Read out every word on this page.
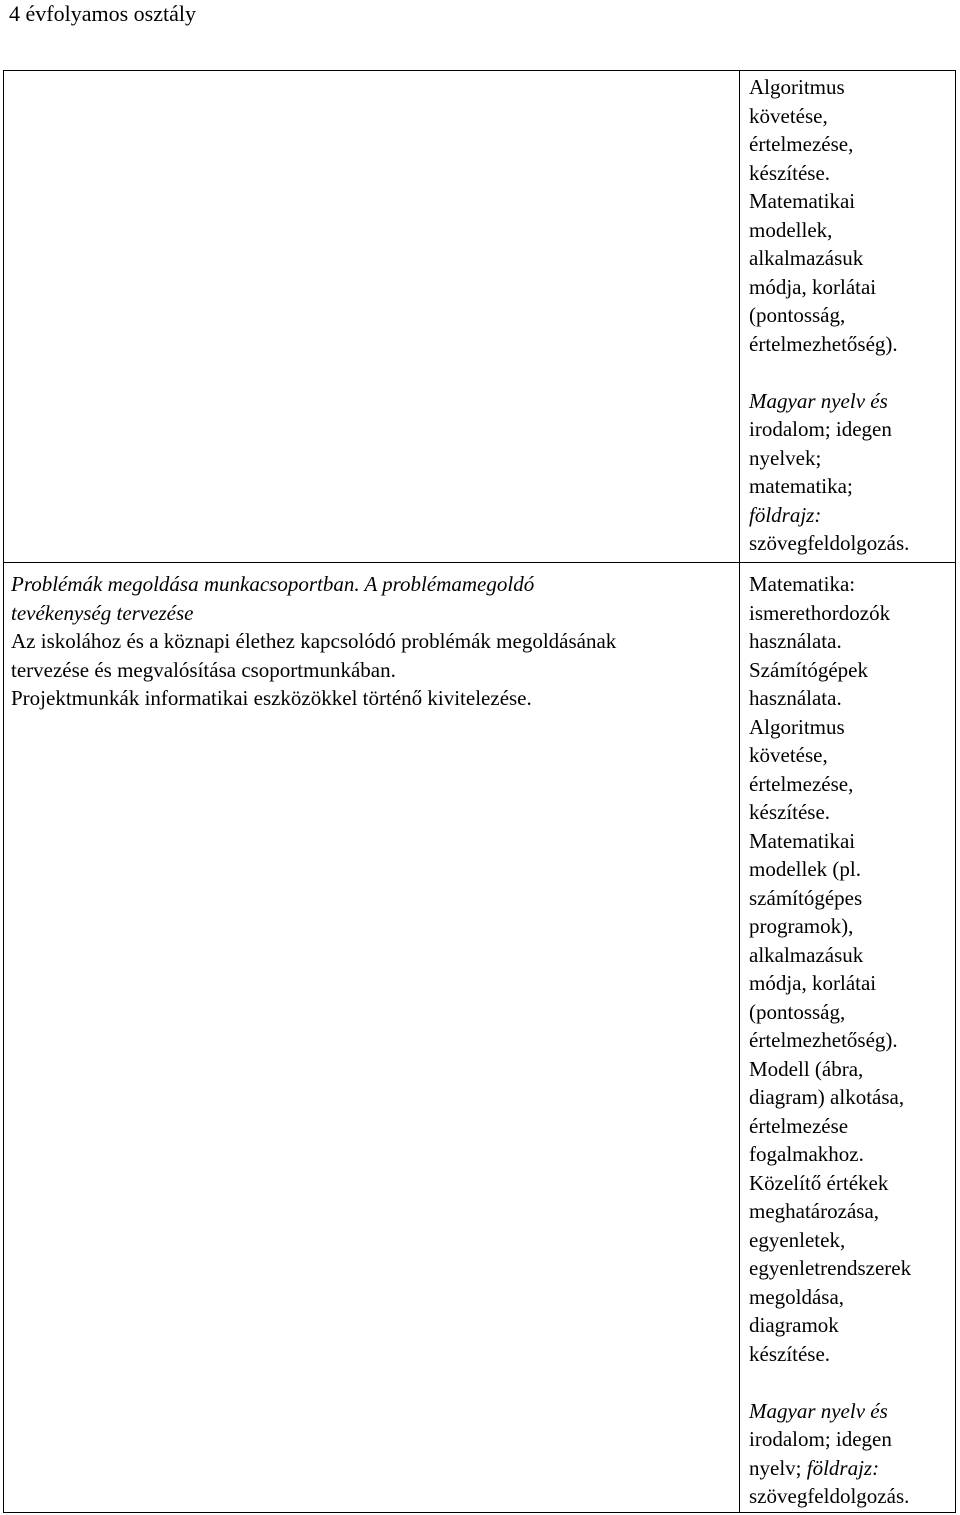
4 évfolyamos osztály
Algoritmus
követése,
értelmezése,
készítése.
Matematikai
modellek,
alkalmazásuk
módja, korlátai
(pontosság,
értelmezhetőség).
Magyar nyelv és
irodalom; idegen
nyelvek;
matematika;
földrajz:
szövegfeldolgozás.
Problémák megoldása munkacsoportban. A problémamegoldó
tevékenység tervezése
Az iskolához és a köznapi élethez kapcsolódó problémák megoldásának
tervezése és megvalósítása csoportmunkában.
Projektmunkák informatikai eszközökkel történő kivitelezése.
Matematika:
ismerethordozók
használata.
Számítógépek
használata.
Algoritmus
követése,
értelmezése,
készítése.
Matematikai
modellek (pl.
számítógépes
programok),
alkalmazásuk
módja, korlátai
(pontosság,
értelmezhetőség).
Modell (ábra,
diagram) alkotása,
értelmezése
fogalmakhoz.
Közelítő értékek
meghatározása,
egyenletek,
egyenletrendszerek
megoldása,
diagramok
készítése.
Magyar nyelv és
irodalom; idegen
nyelv; földrajz:
szövegfeldolgozás.
